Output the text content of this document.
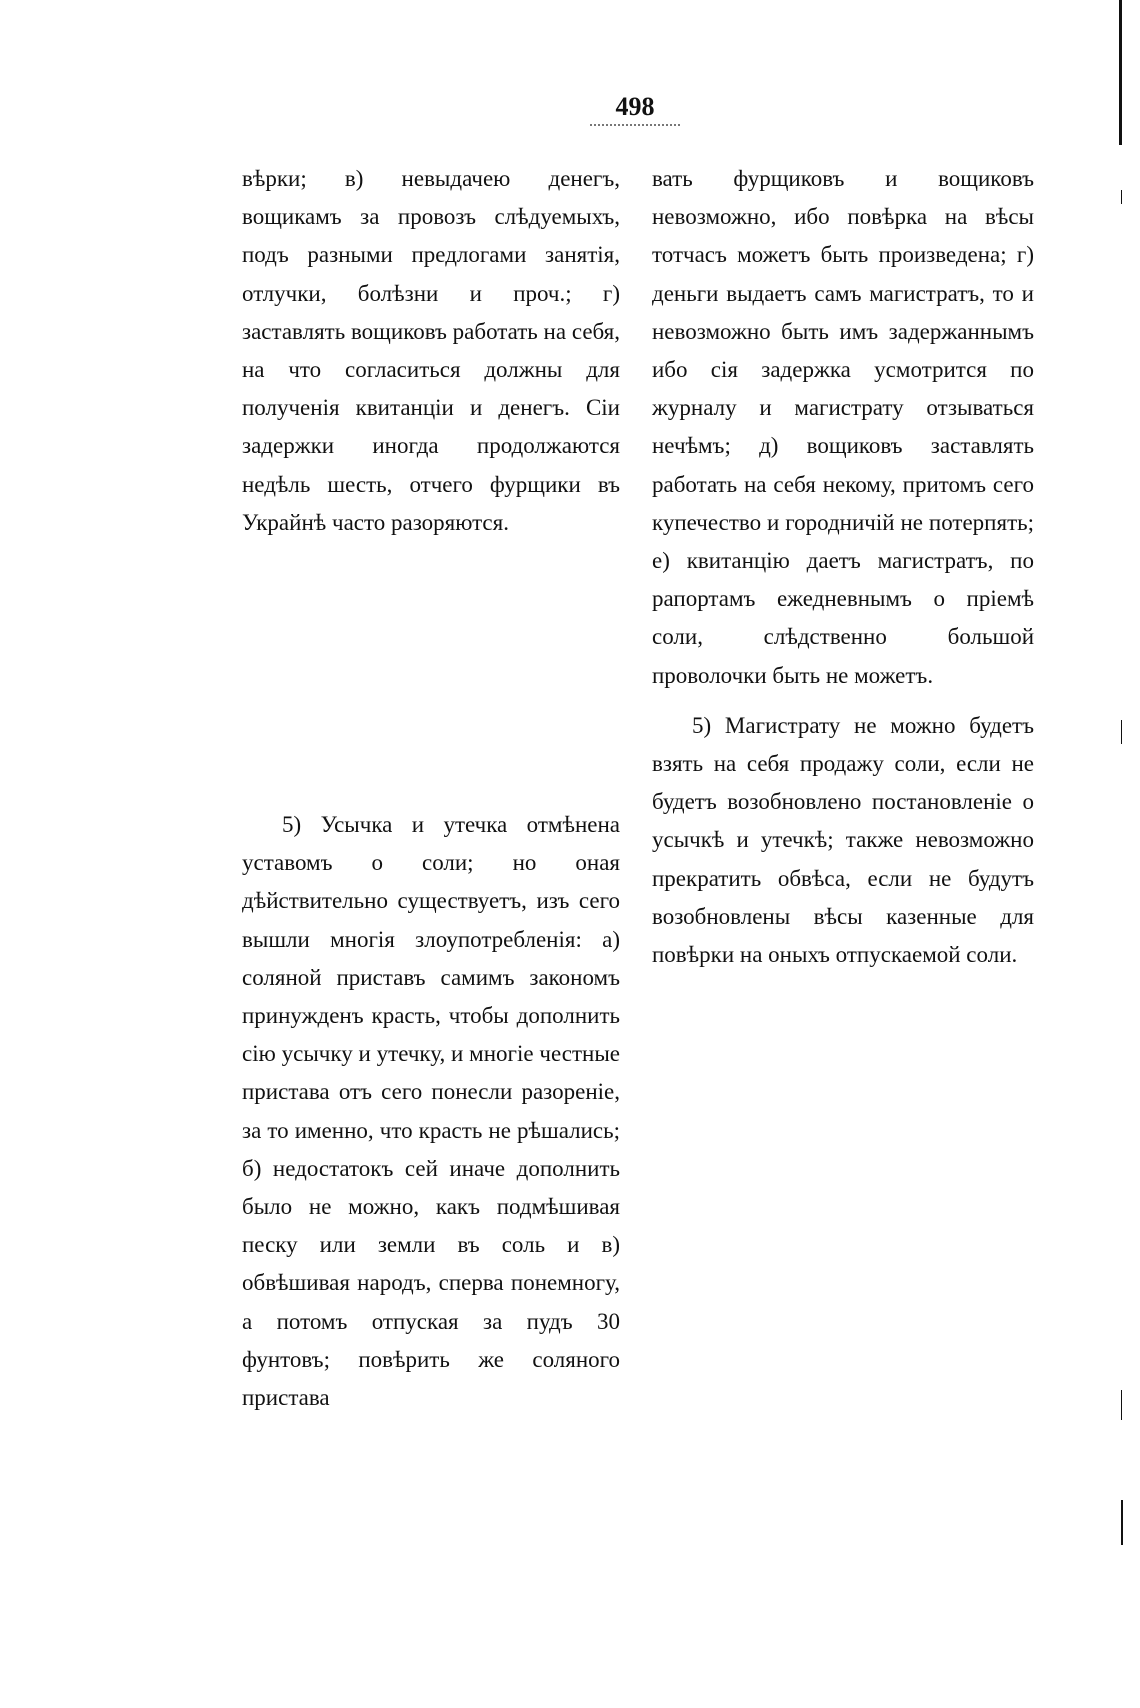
498

вѣрки; в) невыдачею денегъ, вощикамъ за провозъ слѣдуемыхъ, подъ разными предлогами занятія, отлучки, болѣзни и проч.; г) заставлять вощиковъ работать на себя, на что согласиться должны для полученія квитанціи и денегъ. Сіи задержки иногда продолжаются недѣль шесть, отчего фурщики въ Украйнѣ часто разоряются.

5) Усычка и утечка отмѣнена уставомъ о соли; но оная дѣйствительно существуетъ, изъ сего вышли многія злоупотребленія: а) соляной приставъ самимъ закономъ принужденъ красть, чтобы дополнить сію усычку и утечку, и многіе честные пристава отъ сего понесли разореніе, за то именно, что красть не рѣшались; б) недостатокъ сей иначе дополнить было не можно, какъ подмѣшивая песку или земли въ соль и в) обвѣшивая народъ, сперва понемногу, а потомъ отпуская за пудъ 30 фунтовъ; повѣрить же соляного пристава

вать фурщиковъ и вощиковъ невозможно, ибо повѣрка на вѣсы тотчасъ можетъ быть произведена; г) деньги выдаетъ самъ магистратъ, то и невозможно быть имъ задержаннымъ ибо сія задержка усмотрится по журналу и магистрату отзываться нечѣмъ; д) вощиковъ заставлять работать на себя некому, притомъ сего купечество и городничій не потерпять; е) квитанцію даетъ магистратъ, по рапортамъ ежедневнымъ о пріемѣ соли, слѣдственно большой проволочки быть не можетъ.

5) Магистрату не можно будетъ взять на себя продажу соли, если не будетъ возобновлено постановленіе о усычкѣ и утечкѣ; также невозможно прекратить обвѣса, если не будутъ возобновлены вѣсы казенные для повѣрки на оныхъ отпускаемой соли.
